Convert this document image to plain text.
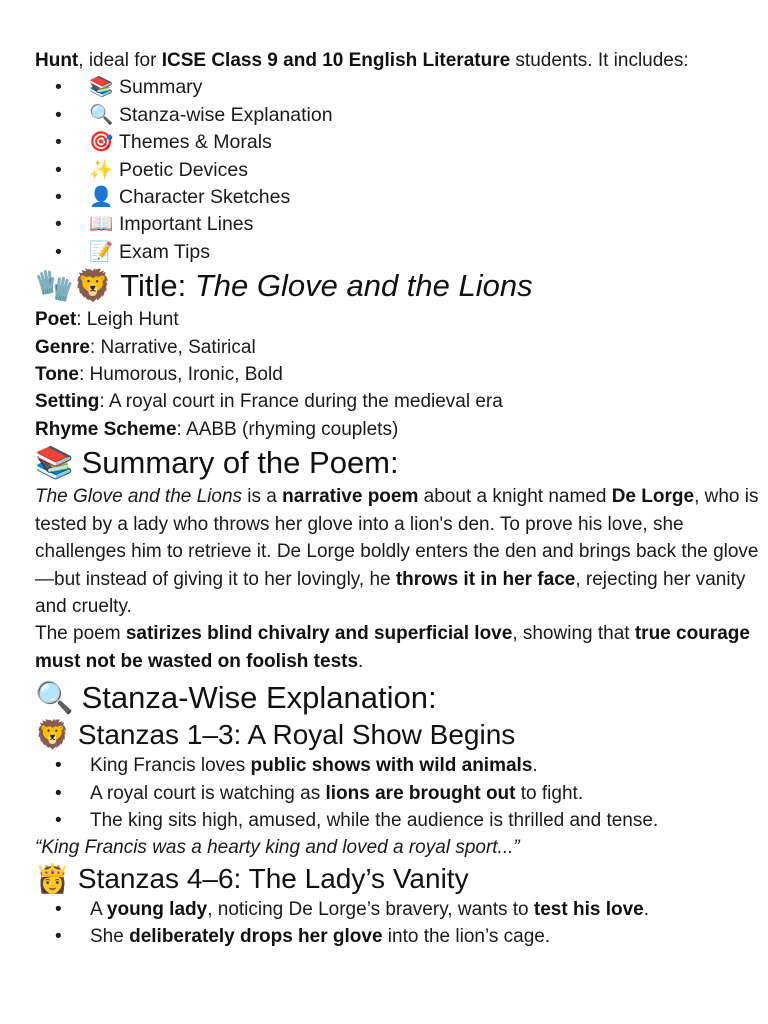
Hunt, ideal for ICSE Class 9 and 10 English Literature students. It includes:

• 📚 Summary
• 🔍 Stanza-wise Explanation
• 🎯 Themes & Morals
• ✨ Poetic Devices
• 👤 Character Sketches
• 📖 Important Lines
• 📝 Exam Tips
🧤🦁 Title: The Glove and the Lions

Poet: Leigh Hunt

Genre: Narrative, Satirical

Tone: Humorous, Ironic, Bold

Setting: A royal court in France during the medieval era

Rhyme Scheme: AABB (rhyming couplets)

📚 Summary of the Poem:

The Glove and the Lions is a narrative poem about a knight named De Lorge, who is tested by a lady who throws her glove into a lion's den. To prove his love, she challenges him to retrieve it. De Lorge boldly enters the den and brings back the glove—but instead of giving it to her lovingly, he throws it in her face, rejecting her vanity and cruelty.

The poem satirizes blind chivalry and superficial love, showing that true courage must not be wasted on foolish tests.

🔍 Stanza-Wise Explanation:
🦁 Stanzas 1–3: A Royal Show Begins
• King Francis loves public shows with wild animals.
• A royal court is watching as lions are brought out to fight.
• The king sits high, amused, while the audience is thrilled and tense.

“King Francis was a hearty king and loved a royal sport...”

👸 Stanzas 4–6: The Lady’s Vanity
• A young lady, noticing De Lorge’s bravery, wants to test his love.
• She deliberately drops her glove into the lion’s cage.
